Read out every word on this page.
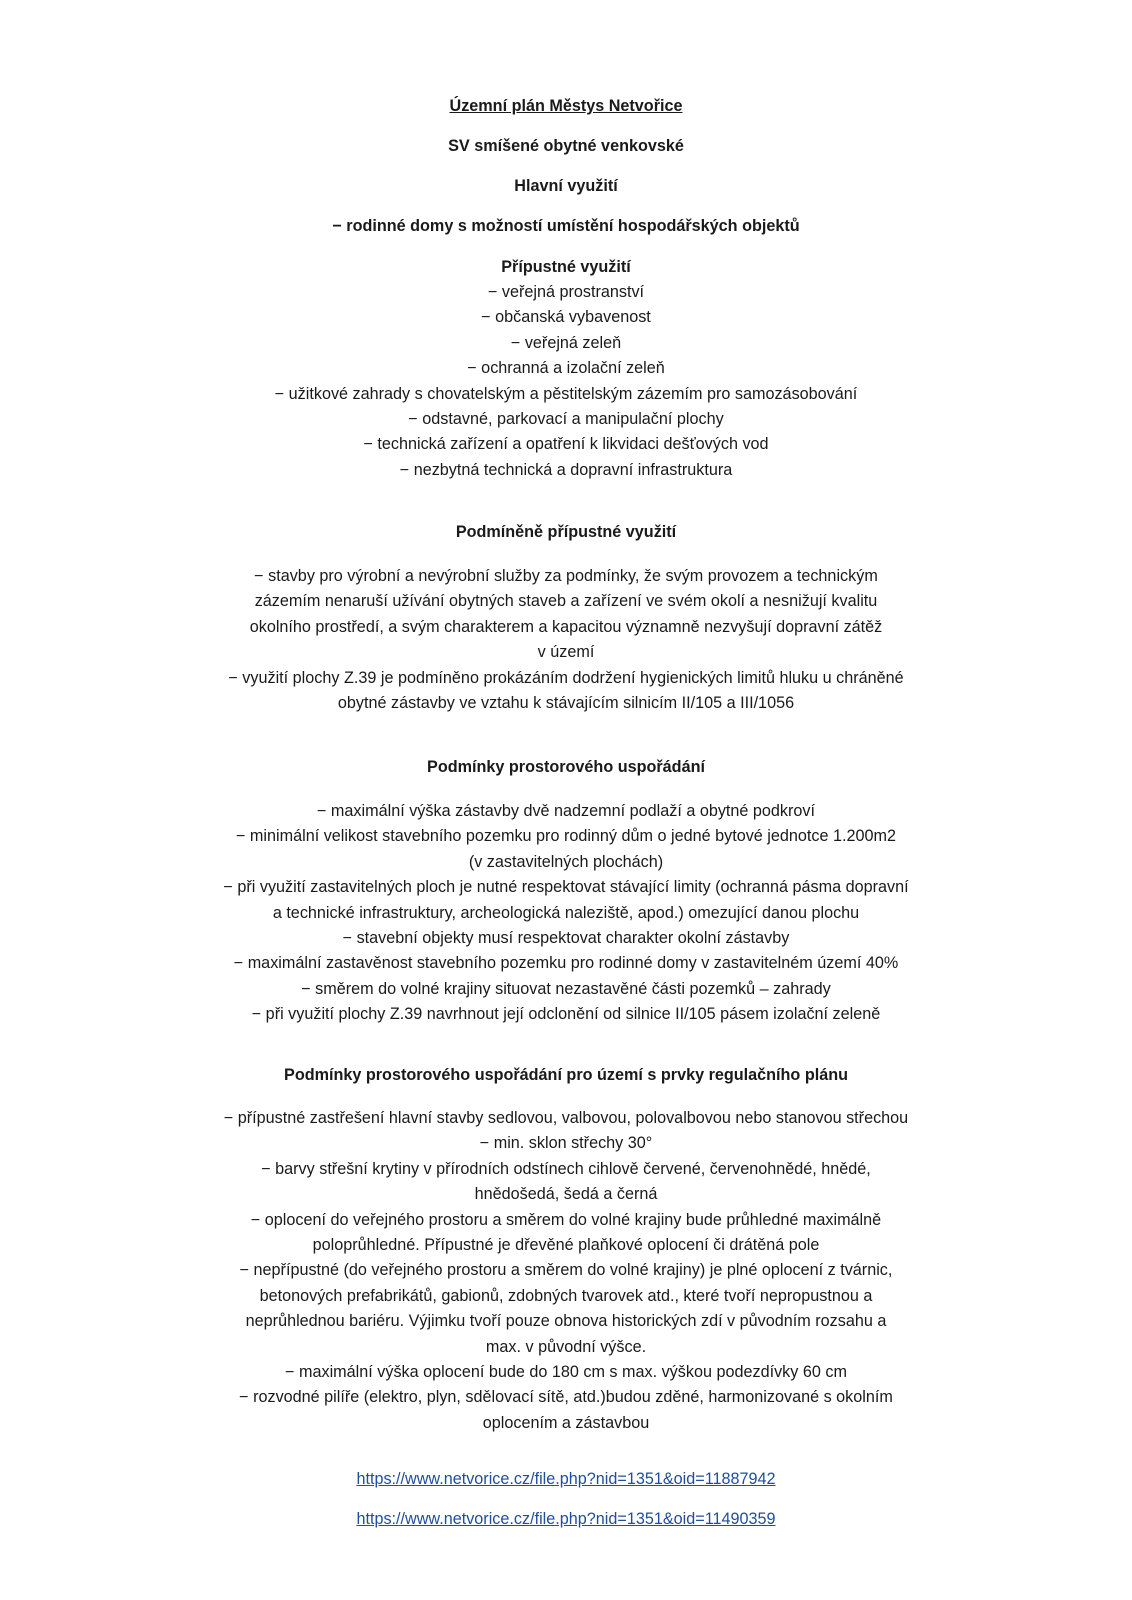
Územní plán Městys Netvořice
SV smíšené obytné venkovské
Hlavní využití
− rodinné domy s možností umístění hospodářských objektů
Přípustné využití
− veřejná prostranství
− občanská vybavenost
− veřejná zeleň
− ochranná a izolační zeleň
− užitkové zahrady s chovatelským a pěstitelským zázemím pro samozásobování
− odstavné, parkovací a manipulační plochy
− technická zařízení a opatření k likvidaci dešťových vod
− nezbytná technická a dopravní infrastruktura
Podmíněně přípustné využití
− stavby pro výrobní a nevýrobní služby za podmínky, že svým provozem a technickým
zázemím nenaruší užívání obytných staveb a zařízení ve svém okolí a nesnižují kvalitu
okolního prostředí, a svým charakterem a kapacitou významně nezvyšují dopravní zátěž
v území
− využití plochy Z.39 je podmíněno prokázáním dodržení hygienických limitů hluku u chráněné
obytné zástavby ve vztahu k stávajícím silnicím II/105 a III/1056
Podmínky prostorového uspořádání
− maximální výška zástavby dvě nadzemní podlaží a obytné podkroví
− minimální velikost stavebního pozemku pro rodinný dům o jedné bytové jednotce 1.200m2
(v zastavitelných plochách)
− při využití zastavitelných ploch je nutné respektovat stávající limity (ochranná pásma dopravní
a technické infrastruktury, archeologická naleziště, apod.) omezující danou plochu
− stavební objekty musí respektovat charakter okolní zástavby
− maximální zastavěnost stavebního pozemku pro rodinné domy v zastavitelném území 40%
− směrem do volné krajiny situovat nezastavěné části pozemků – zahrady
− při využití plochy Z.39 navrhnout její odclonění od silnice II/105 pásem izolační zeleně
Podmínky prostorového uspořádání pro území s prvky regulačního plánu
− přípustné zastřešení hlavní stavby sedlovou, valbovou, polovalbovou nebo stanovou střechou
− min. sklon střechy 30°
− barvy střešní krytiny v přírodních odstínech cihlově červené, červenohnědé, hnědé,
hnědošedá, šedá a černá
− oplocení do veřejného prostoru a směrem do volné krajiny bude průhledné maximálně
poloprůhledné. Přípustné je dřevěné plaňkové oplocení či drátěná pole
− nepřípustné (do veřejného prostoru a směrem do volné krajiny) je plné oplocení z tvárnic,
betonových prefabrikátů, gabionů, zdobných tvarovek atd., které tvoří nepropustnou a
neprůhlednou bariéru. Výjimku tvoří pouze obnova historických zdí v původním rozsahu a
max. v původní výšce.
− maximální výška oplocení bude do 180 cm s max. výškou podezdívky 60 cm
− rozvodné pilíře (elektro, plyn, sdělovací sítě, atd.)budou zděné, harmonizované s okolním
oplocením a zástavbou
https://www.netvorice.cz/file.php?nid=1351&oid=11887942
https://www.netvorice.cz/file.php?nid=1351&oid=11490359
